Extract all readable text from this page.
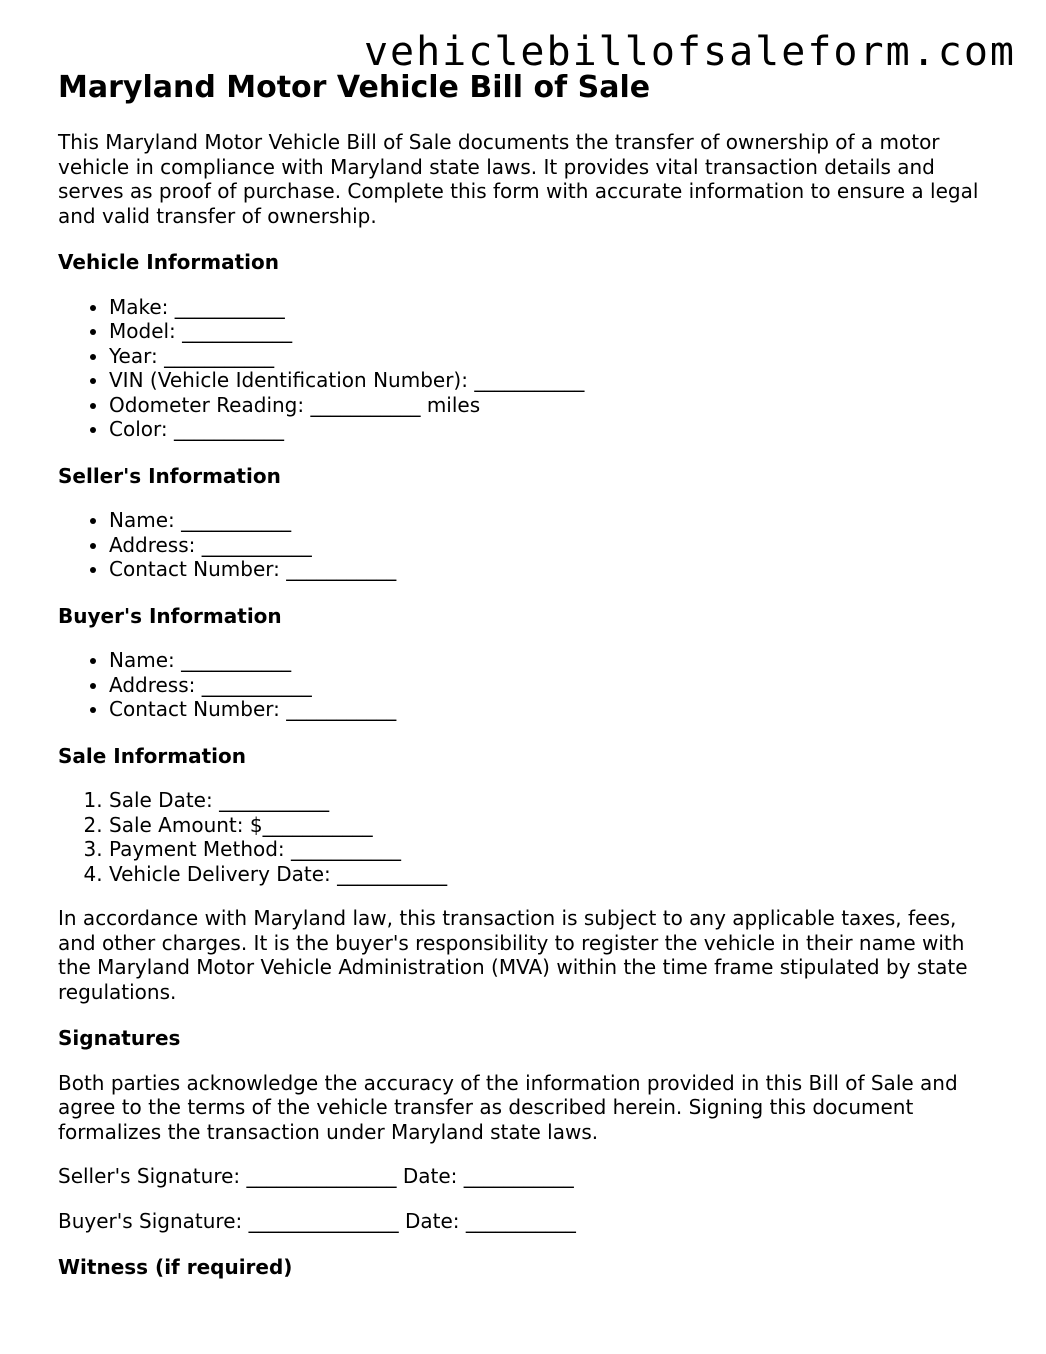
vehiclebillofsaleform.com
Maryland Motor Vehicle Bill of Sale

This Maryland Motor Vehicle Bill of Sale documents the transfer of ownership of a motor vehicle in compliance with Maryland state laws. It provides vital transaction details and serves as proof of purchase. Complete this form with accurate information to ensure a legal and valid transfer of ownership.

Vehicle Information
• Make: ___________
• Model: ___________
• Year: ___________
• VIN (Vehicle Identification Number): ___________
• Odometer Reading: ___________ miles
• Color: ___________
Seller's Information
• Name: ___________
• Address: ___________
• Contact Number: ___________
Buyer's Information
• Name: ___________
• Address: ___________
• Contact Number: ___________
Sale Information
1. Sale Date: ___________
2. Sale Amount: $___________
3. Payment Method: ___________
4. Vehicle Delivery Date: ___________

In accordance with Maryland law, this transaction is subject to any applicable taxes, fees, and other charges. It is the buyer's responsibility to register the vehicle in their name with the Maryland Motor Vehicle Administration (MVA) within the time frame stipulated by state regulations.

Signatures

Both parties acknowledge the accuracy of the information provided in this Bill of Sale and agree to the terms of the vehicle transfer as described herein. Signing this document formalizes the transaction under Maryland state laws.

Seller's Signature: _______________ Date: ___________

Buyer's Signature: _______________ Date: ___________

Witness (if required)
